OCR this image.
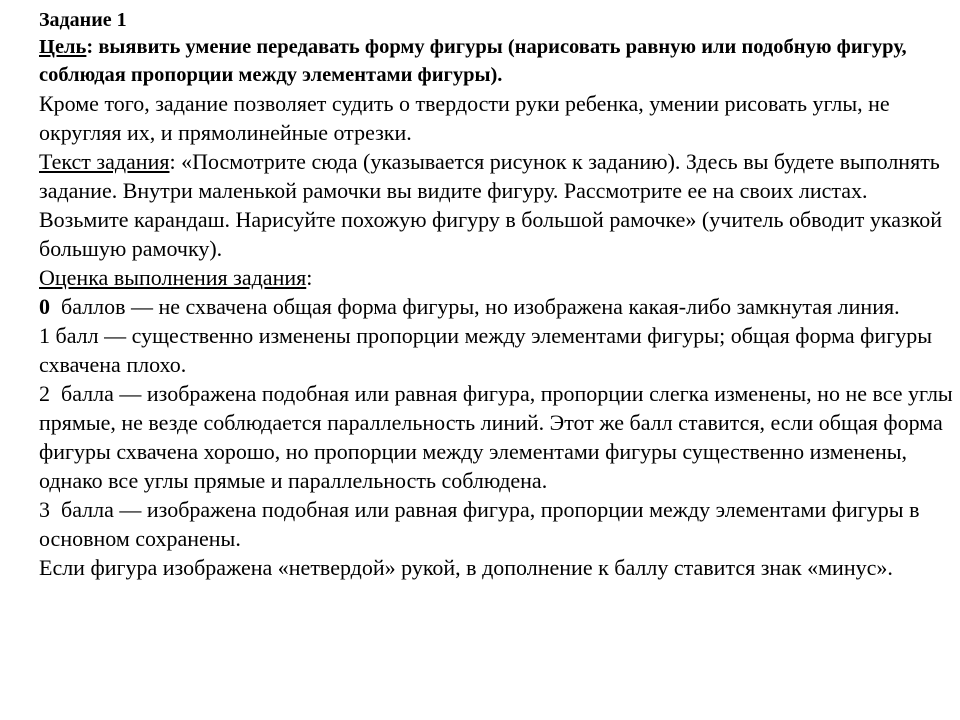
Задание 1
Цель: выявить умение передавать форму фигуры (нарисовать равную или подобную фигуру, соблюдая пропорции между элементами фигуры).
Кроме того, задание позволяет судить о твердости руки ребенка, умении рисовать углы, не округляя их, и прямолинейные отрезки.
Текст задания: «Посмотрите сюда (указывается рисунок к заданию). Здесь вы будете выполнять задание. Внутри маленькой рамочки вы видите фигуру. Рассмотрите ее на своих листах. Возьмите карандаш. Нарисуйте похожую фигуру в большой рамочке» (учитель обводит указкой большую рамочку).
Оценка выполнения задания:
0  баллов — не схвачена общая форма фигуры, но изображена какая-либо замкнутая линия.
1 балл — существенно изменены пропорции между элементами фигуры; общая форма фигуры схвачена плохо.
2  балла — изображена подобная или равная фигура, пропорции слегка изменены, но не все углы прямые, не везде соблюдается параллельность линий. Этот же балл ставится, если общая форма фигуры схвачена хорошо, но пропорции между элементами фигуры существенно изменены, однако все углы прямые и параллельность соблюдена.
3  балла — изображена подобная или равная фигура, пропорции между элементами фигуры в основном сохранены.
Если фигура изображена «нетвердой» рукой, в дополнение к баллу ставится знак «минус».
